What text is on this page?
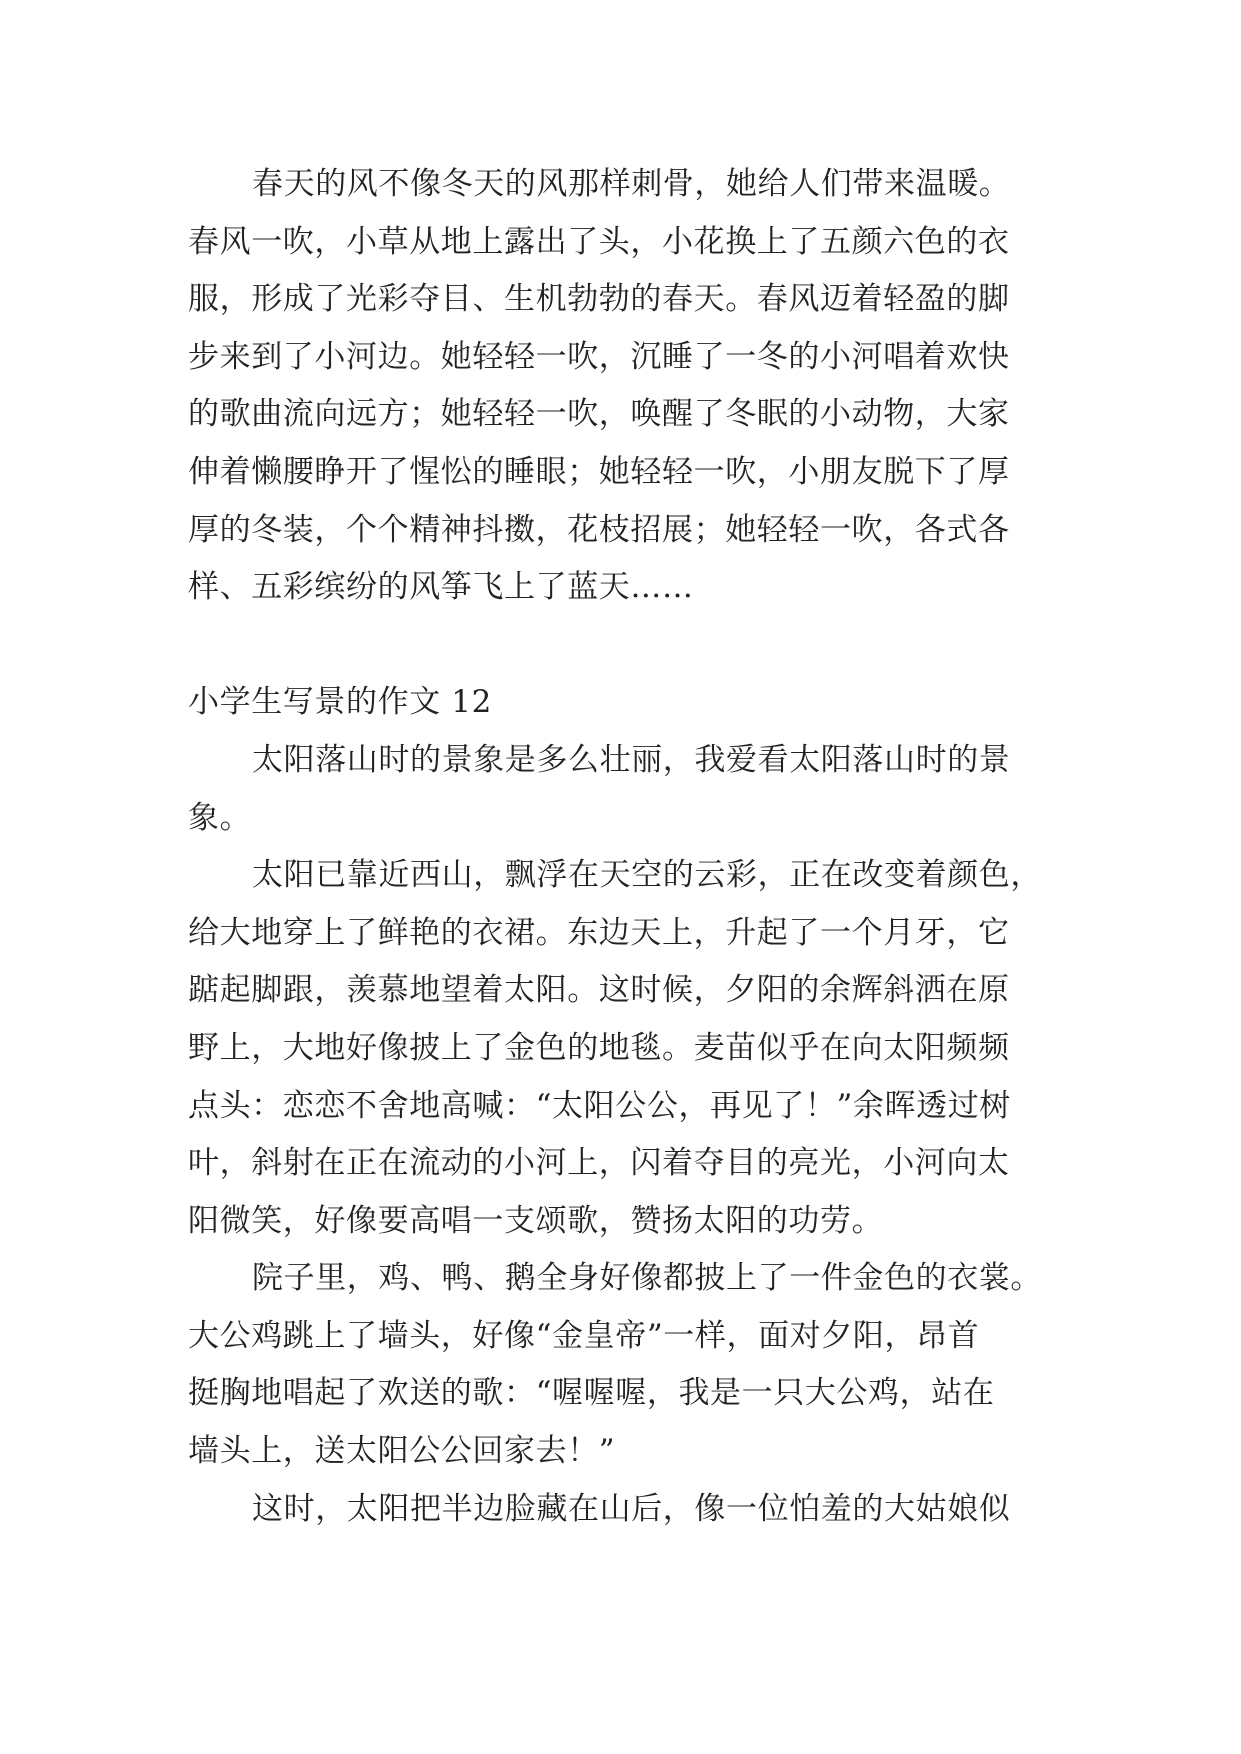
春天的风不像冬天的风那样刺骨，她给人们带来温暖。
春风一吹，小草从地上露出了头，小花换上了五颜六色的衣
服，形成了光彩夺目、生机勃勃的春天。春风迈着轻盈的脚
步来到了小河边。她轻轻一吹，沉睡了一冬的小河唱着欢快
的歌曲流向远方；她轻轻一吹，唤醒了冬眠的小动物，大家
伸着懒腰睁开了惺忪的睡眼；她轻轻一吹，小朋友脱下了厚
厚的冬装，个个精神抖擞，花枝招展；她轻轻一吹，各式各
样、五彩缤纷的风筝飞上了蓝天……
小学生写景的作文 12
太阳落山时的景象是多么壮丽，我爱看太阳落山时的景
象。
太阳已靠近西山，飘浮在天空的云彩，正在改变着颜色，
给大地穿上了鲜艳的衣裙。东边天上，升起了一个月牙，它
踮起脚跟，羡慕地望着太阳。这时候，夕阳的余辉斜洒在原
野上，大地好像披上了金色的地毯。麦苗似乎在向太阳频频
点头：恋恋不舍地高喊：“太阳公公，再见了！”余晖透过树
叶，斜射在正在流动的小河上，闪着夺目的亮光，小河向太
阳微笑，好像要高唱一支颂歌，赞扬太阳的功劳。
院子里，鸡、鸭、鹅全身好像都披上了一件金色的衣裳。
大公鸡跳上了墙头，好像“金皇帝”一样，面对夕阳，昂首
挺胸地唱起了欢送的歌：“喔喔喔，我是一只大公鸡，站在
墙头上，送太阳公公回家去！”
这时，太阳把半边脸藏在山后，像一位怕羞的大姑娘似
